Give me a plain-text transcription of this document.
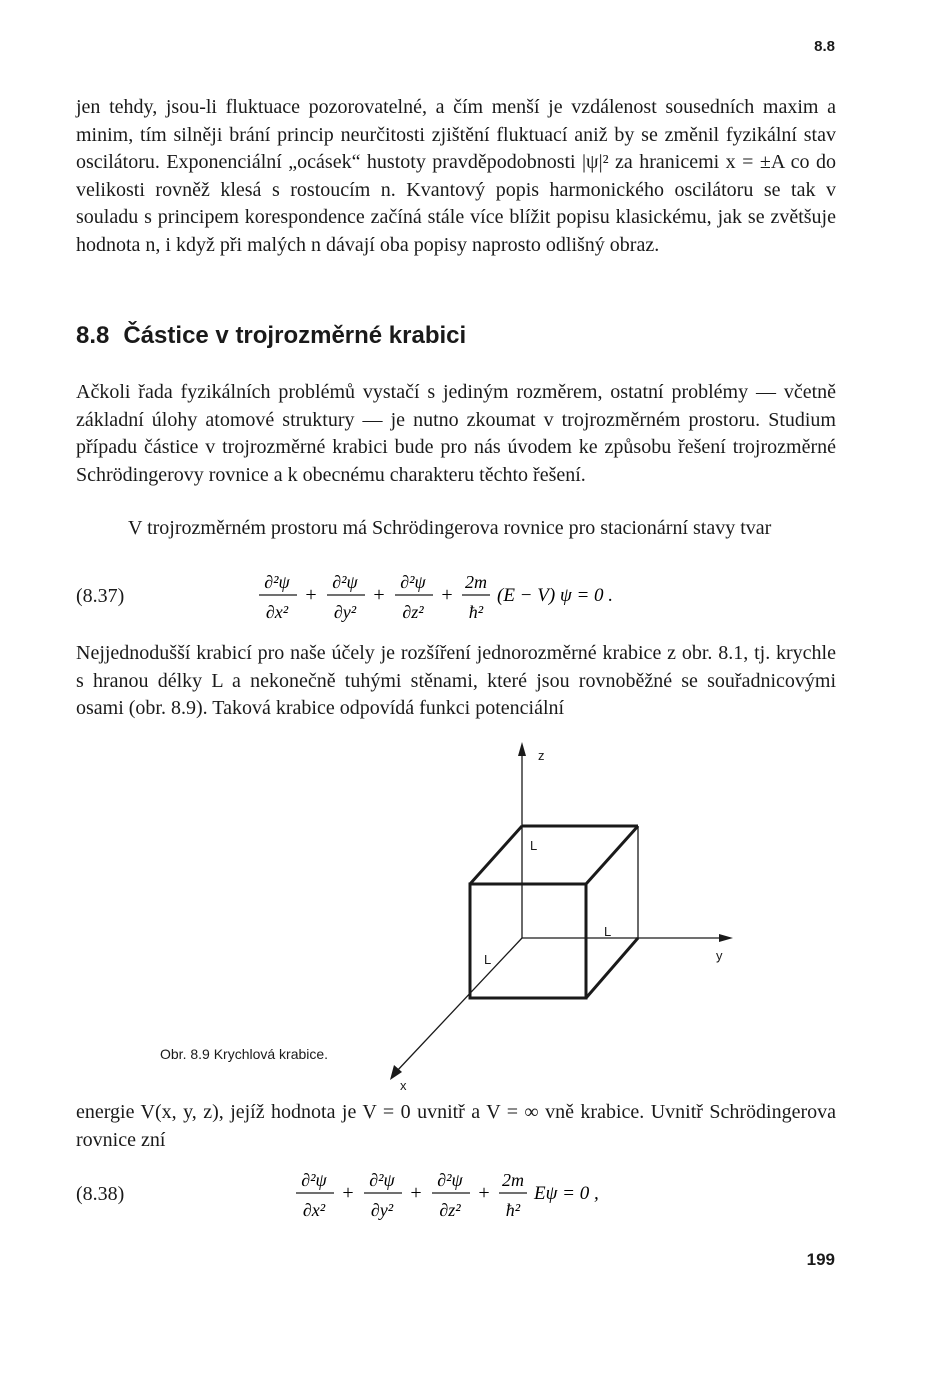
8.8

jen tehdy, jsou-li fluktuace pozorovatelné, a čím menší je vzdálenost sousedních maxim a minim, tím silněji brání princip neurčitosti zjištění fluktuací aniž by se změnil fyzikální stav oscilátoru. Exponenciální „ocásek“ hustoty pravděpodobnosti |ψ|² za hranicemi x = ±A co do velikosti rovněž klesá s rostoucím n. Kvantový popis harmonického oscilátoru se tak v souladu s principem korespondence začíná stále více blížit popisu klasickému, jak se zvětšuje hodnota n, i když při malých n dávají oba popisy naprosto odlišný obraz.

8.8 Částice v trojrozměrné krabici

Ačkoli řada fyzikálních problémů vystačí s jediným rozměrem, ostatní problémy — včetně základní úlohy atomové struktury — je nutno zkoumat v trojrozměrném prostoru. Studium případu částice v trojrozměrné krabici bude pro nás úvodem ke způsobu řešení trojrozměrné Schrödingerovy rovnice a k obecnému charakteru těchto řešení.

V trojrozměrném prostoru má Schrödingerova rovnice pro stacionární stavy tvar

(8.37)
∂²ψ
∂x²
+
∂²ψ
∂y²
+
∂²ψ
∂z²
+
2m
ħ²
(E − V) ψ = 0 .

Nejjednodušší krabicí pro naše účely je rozšíření jednorozměrné krabice z obr. 8.1, tj. krychle s hranou délky L a nekonečně tuhými stěnami, které jsou rovnoběžné se souřadnicovými osami (obr. 8.9). Taková krabice odpovídá funkci potenciální

z
y
x
L
L
L
Obr. 8.9 Krychlová krabice.

energie V(x, y, z), jejíž hodnota je V = 0 uvnitř a V = ∞ vně krabice. Uvnitř Schrödingerova rovnice zní

(8.38)
∂²ψ
∂x²
+
∂²ψ
∂y²
+
∂²ψ
∂z²
+
2m
ħ²
Eψ = 0 ,
199
